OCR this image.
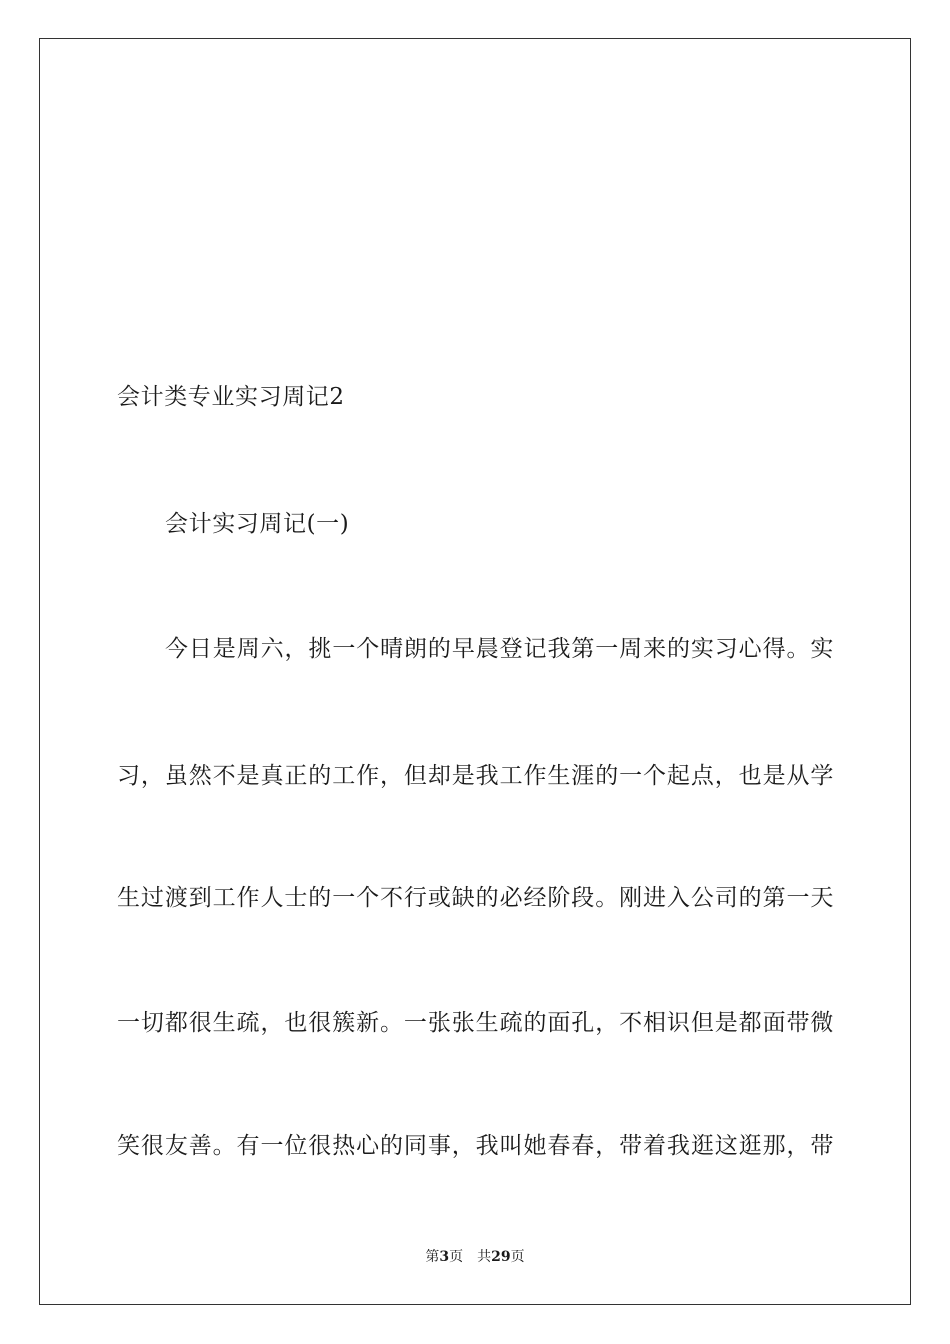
会计类专业实习周记2
会计实习周记(一)
今日是周六，挑一个晴朗的早晨登记我第一周来的实习心得。实
习，虽然不是真正的工作，但却是我工作生涯的一个起点，也是从学
生过渡到工作人士的一个不行或缺的必经阶段。刚进入公司的第一天
一切都很生疏，也很簇新。一张张生疏的面孔，不相识但是都面带微
笑很友善。有一位很热心的同事，我叫她春春，带着我逛这逛那，带
第3页 共29页
